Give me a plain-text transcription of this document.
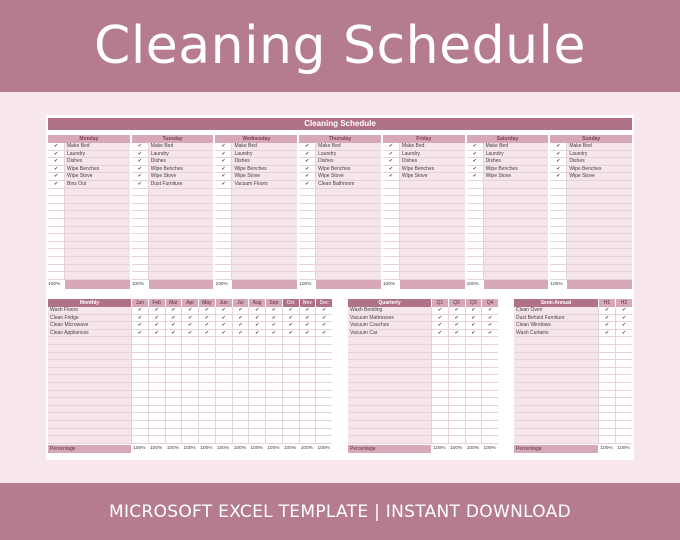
Cleaning Schedule
Cleaning Schedule
Monday
✔	Make Bed
✔	Laundry
✔	Dishes
✔	Wipe Benches
✔	Wipe Stove
✔	Bins Out
100%
Tuesday
✔	Make Bed
✔	Laundry
✔	Dishes
✔	Wipe Benches
✔	Wipe Stove
✔	Dust Furniture
100%
Wednesday
✔	Make Bed
✔	Laundry
✔	Dishes
✔	Wipe Benches
✔	Wipe Stove
✔	Vacuum Floors
100%
Thursday
✔	Make Bed
✔	Laundry
✔	Dishes
✔	Wipe Benches
✔	Wipe Stove
✔	Clean Bathroom
100%
Friday
✔	Make Bed
✔	Laundry
✔	Dishes
✔	Wipe Benches
✔	Wipe Stove
100%
Saturday
✔	Make Bed
✔	Laundry
✔	Dishes
✔	Wipe Benches
✔	Wipe Stove
100%
Sunday
✔	Make Bed
✔	Laundry
✔	Dishes
✔	Wipe Benches
✔	Wipe Stove
100%
Monthly	Jan	Feb	Mar	Apr	May	Jun	Jul	Aug	Sep	Oct	Nov	Dec
Wash Floors	✔	✔	✔	✔	✔	✔	✔	✔	✔	✔	✔	✔
Clean Fridge	✔	✔	✔	✔	✔	✔	✔	✔	✔	✔	✔	✔
Clean Microwave	✔	✔	✔	✔	✔	✔	✔	✔	✔	✔	✔	✔
Clean Appliances	✔	✔	✔	✔	✔	✔	✔	✔	✔	✔	✔	✔
Percentage	100% 100% 100% 100% 100% 100% 100% 100% 100% 100% 100% 100%
Quarterly	Q1	Q2	Q3	Q4
Wash Bedding	✔	✔	✔	✔
Vacuum Mattresses	✔	✔	✔	✔
Vacuum Couches	✔	✔	✔	✔
Vacuum Car	✔	✔	✔	✔
Percentage	100% 100% 100% 100%
Semi-Annual	H1	H2
Clean Oven	✔	✔
Dust Behind Furniture	✔	✔
Clean Windows	✔	✔
Wash Curtains	✔	✔
Percentage	100% 100%
MICROSOFT EXCEL TEMPLATE | INSTANT DOWNLOAD
